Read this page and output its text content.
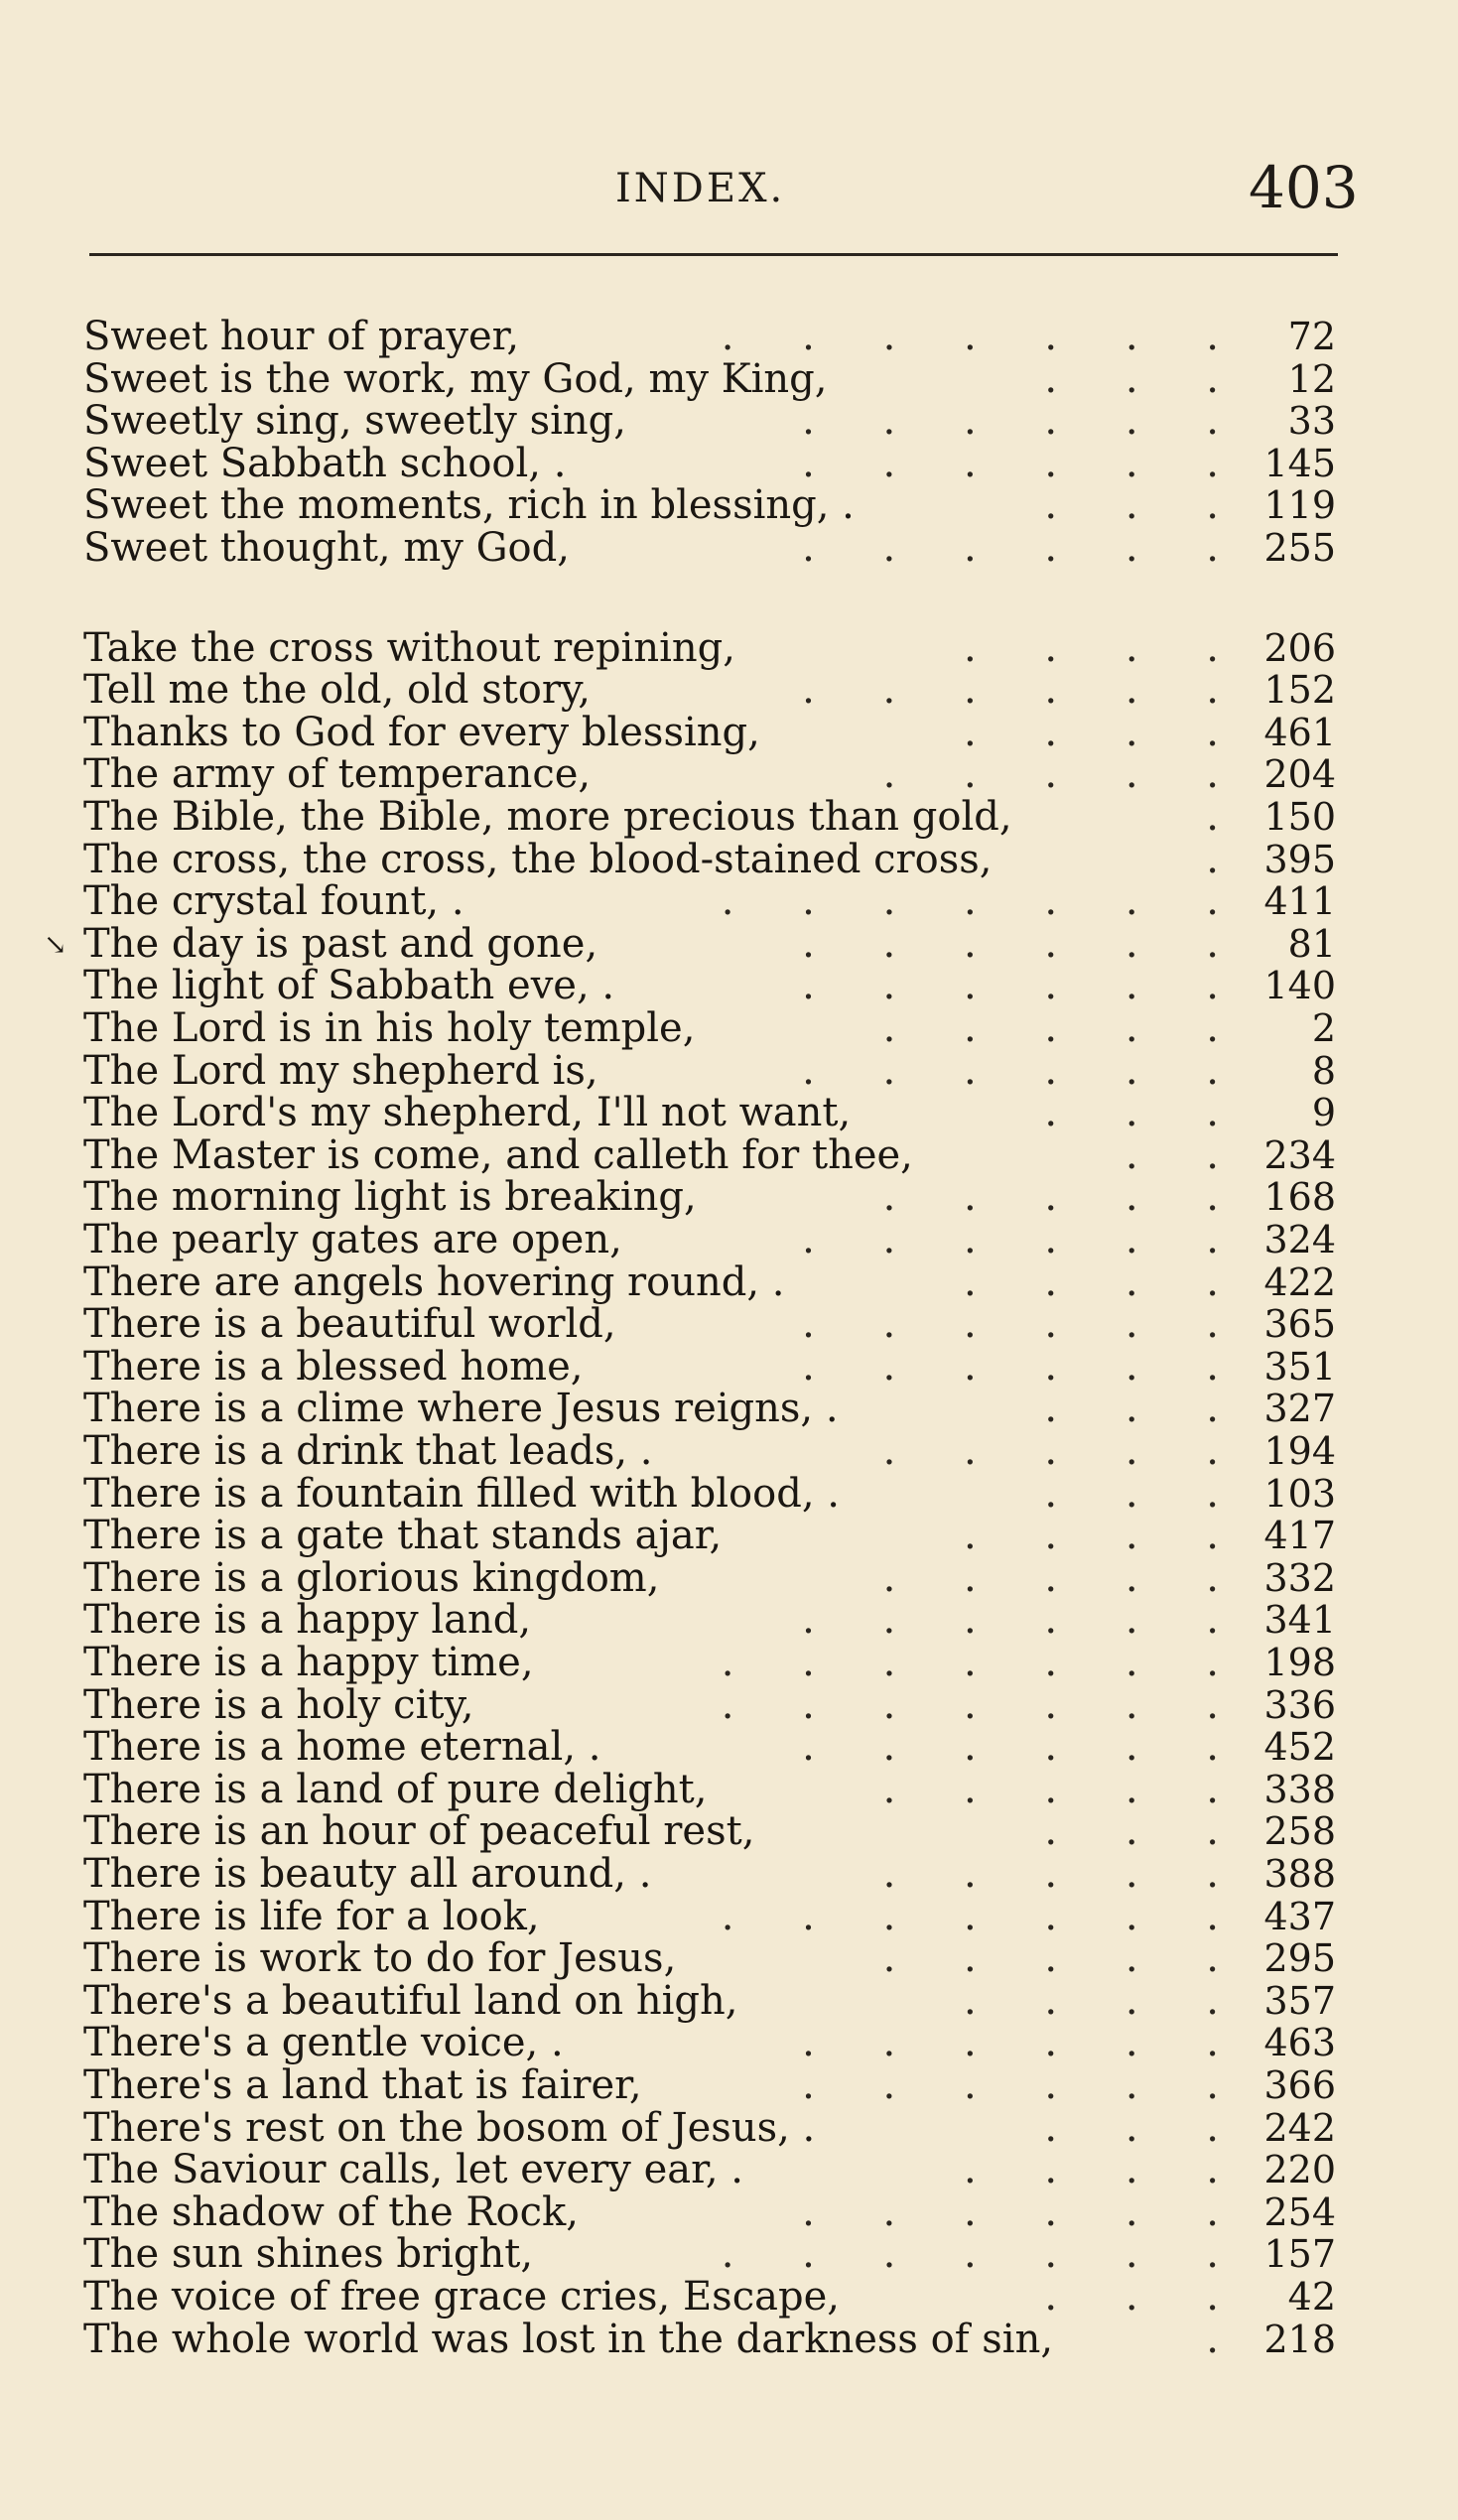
INDEX.	403
Sweet hour of prayer,	. . . . . . . 72
Sweet is the work, my God, my King,	. . . 12
Sweetly sing, sweetly sing,	. . . . . . 33
Sweet Sabbath school, .	. . . . . . 145
Sweet the moments, rich in blessing, .	. . . 119
Sweet thought, my God,	. . . . . . 255
Take the cross without repining,	. . . . 206
Tell me the old, old story,	. . . . . . 152
Thanks to God for every blessing,	. . . . 461
The army of temperance,	. . . . . 204
The Bible, the Bible, more precious than gold,	. 150
The cross, the cross, the blood-stained cross,	. 395
The crystal fount, .	. . . . . . . 411
↘ The day is past and gone,	. . . . . . 81
The light of Sabbath eve, .	. . . . . . 140
The Lord is in his holy temple,	. . . . . 2
The Lord my shepherd is,	. . . . . . 8
The Lord's my shepherd, I'll not want,	. . . 9
The Master is come, and calleth for thee,	. . 234
The morning light is breaking,	. . . . . 168
The pearly gates are open,	. . . . . . 324
There are angels hovering round, .	. . . . 422
There is a beautiful world,	. . . . . . 365
There is a blessed home,	. . . . . . 351
There is a clime where Jesus reigns, .	. . . 327
There is a drink that leads, .	. . . . . 194
There is a fountain filled with blood, .	. . . 103
There is a gate that stands ajar,	. . . . 417
There is a glorious kingdom,	. . . . . 332
There is a happy land,	. . . . . . 341
There is a happy time,	. . . . . . . 198
There is a holy city,	. . . . . . . 336
There is a home eternal, .	. . . . . . 452
There is a land of pure delight,	. . . . . 338
There is an hour of peaceful rest,	. . . 258
There is beauty all around, .	. . . . . 388
There is life for a look,	. . . . . . . 437
There is work to do for Jesus,	. . . . . 295
There's a beautiful land on high,	. . . . 357
There's a gentle voice, .	. . . . . . 463
There's a land that is fairer,	. . . . . . 366
There's rest on the bosom of Jesus, .	. . . 242
The Saviour calls, let every ear, .	. . . . 220
The shadow of the Rock,	. . . . . . 254
The sun shines bright,	. . . . . . . 157
The voice of free grace cries, Escape,	. . . 42
The whole world was lost in the darkness of sin,	. 218
